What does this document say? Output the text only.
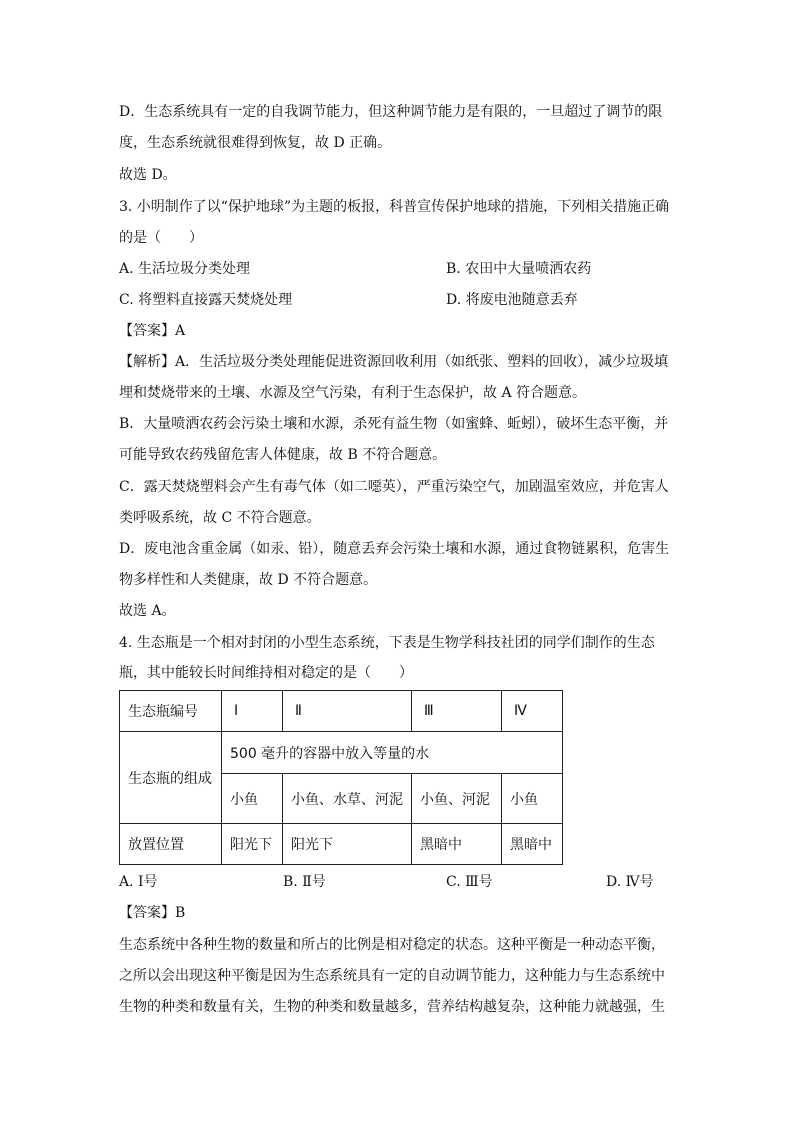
D．生态系统具有一定的自我调节能力，但这种调节能力是有限的，一旦超过了调节的限
度，生态系统就很难得到恢复，故 D 正确。
故选 D。
3. 小明制作了以“保护地球”为主题的板报，科普宣传保护地球的措施，下列相关措施正确
的是（　　）
A. 生活垃圾分类处理	B. 农田中大量喷洒农药
C. 将塑料直接露天焚烧处理	D. 将废电池随意丢弃
【答案】A
【解析】A．生活垃圾分类处理能促进资源回收利用（如纸张、塑料的回收），减少垃圾填
埋和焚烧带来的土壤、水源及空气污染，有利于生态保护，故 A 符合题意。
B．大量喷洒农药会污染土壤和水源，杀死有益生物（如蜜蜂、蚯蚓），破坏生态平衡，并
可能导致农药残留危害人体健康，故 B 不符合题意。
C．露天焚烧塑料会产生有毒气体（如二噁英），严重污染空气，加剧温室效应，并危害人
类呼吸系统，故 C 不符合题意。
D．废电池含重金属（如汞、铅），随意丢弃会污染土壤和水源，通过食物链累积，危害生
物多样性和人类健康，故 D 不符合题意。
故选 A。
4. 生态瓶是一个相对封闭的小型生态系统，下表是生物学科技社团的同学们制作的生态
瓶，其中能较长时间维持相对稳定的是（　　）
生态瓶编号	Ⅰ	Ⅱ	Ⅲ	Ⅳ
生态瓶的组成	500 毫升的容器中放入等量的水			
	小鱼	小鱼、水草、河泥	小鱼、河泥	小鱼
放置位置	阳光下	阳光下	黑暗中	黑暗中
A. Ⅰ号	B. Ⅱ号	C. Ⅲ号	D. Ⅳ号
【答案】B
生态系统中各种生物的数量和所占的比例是相对稳定的状态。这种平衡是一种动态平衡，
之所以会出现这种平衡是因为生态系统具有一定的自动调节能力，这种能力与生态系统中
生物的种类和数量有关，生物的种类和数量越多，营养结构越复杂，这种能力就越强，生
